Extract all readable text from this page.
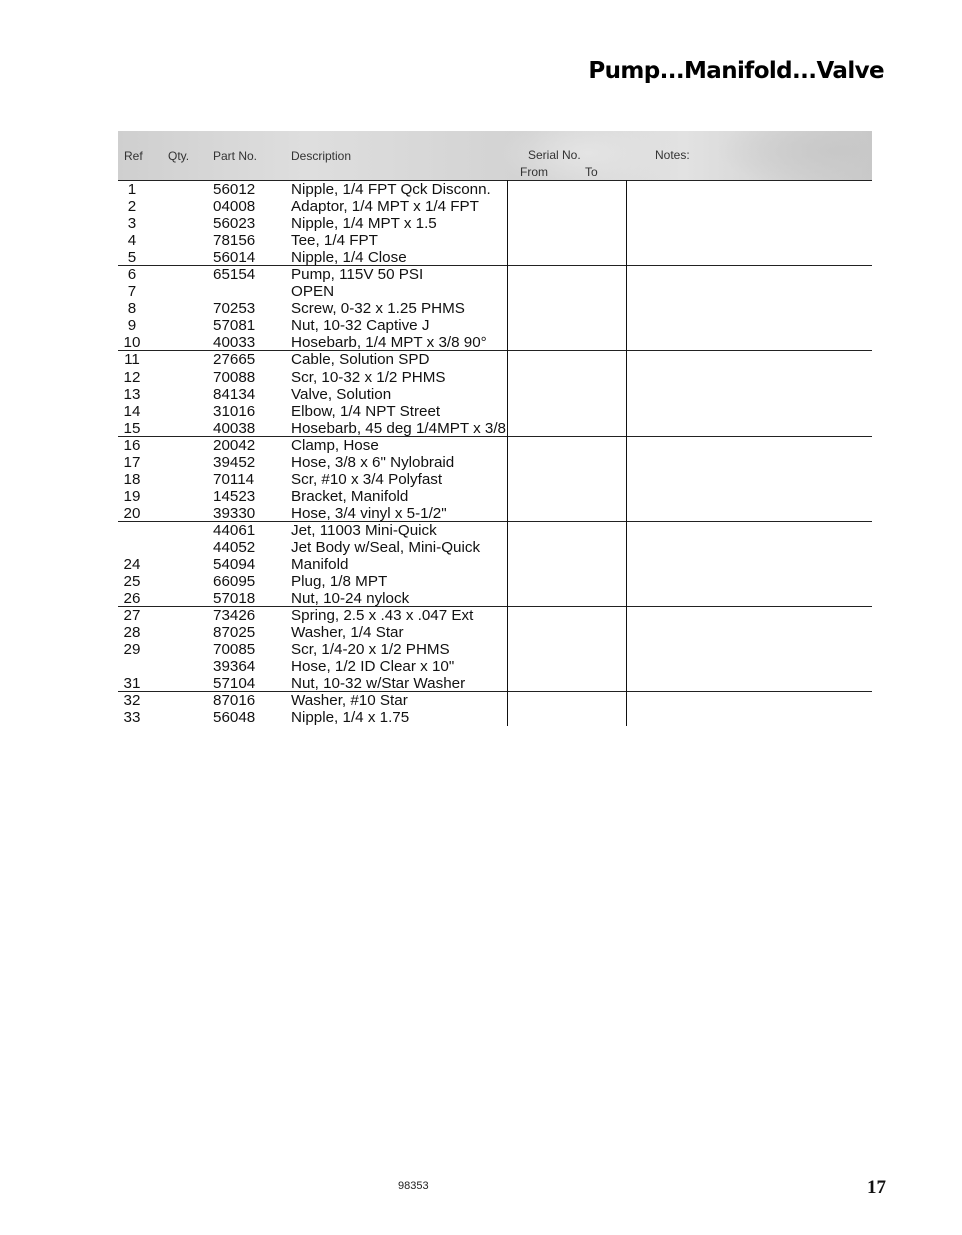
Pump...Manifold...Valve
Ref Qty. Part No.	Description	Serial No.
From	To
Notes:
1	56012 Nipple, 1/4 FPT Qck Disconn.
2	04008 Adaptor, 1/4 MPT x 1/4 FPT
3	56023 Nipple, 1/4 MPT x 1.5
4	78156 Tee, 1/4 FPT
5	56014 Nipple, 1/4 Close
6	65154 Pump, 115V 50 PSI
7	OPEN
8	70253 Screw, 0-32 x 1.25 PHMS
9	57081 Nut, 10-32 Captive J
10	40033 Hosebarb, 1/4 MPT x 3/8 90°
11	27665 Cable, Solution SPD
12	70088 Scr, 10-32 x 1/2 PHMS
13	84134 Valve, Solution
14	31016 Elbow, 1/4 NPT Street
15	40038 Hosebarb, 45 deg 1/4MPT x 3/8
16	20042 Clamp, Hose
17	39452 Hose, 3/8 x 6" Nylobraid
18	70114 Scr, #10 x 3/4 Polyfast
19	14523 Bracket, Manifold
20	39330 Hose, 3/4 vinyl x 5-1/2"
44061 Jet, 11003 Mini-Quick
44052 Jet Body w/Seal, Mini-Quick
24	54094 Manifold
25	66095 Plug, 1/8 MPT
26	57018 Nut, 10-24 nylock
27	73426 Spring, 2.5 x .43 x .047 Ext
28	87025 Washer, 1/4 Star
29	70085 Scr, 1/4-20 x 1/2 PHMS
39364 Hose, 1/2 ID Clear x 10"
31	57104 Nut, 10-32 w/Star Washer
32	87016 Washer, #10 Star
33	56048 Nipple, 1/4 x 1.75
98353	17
